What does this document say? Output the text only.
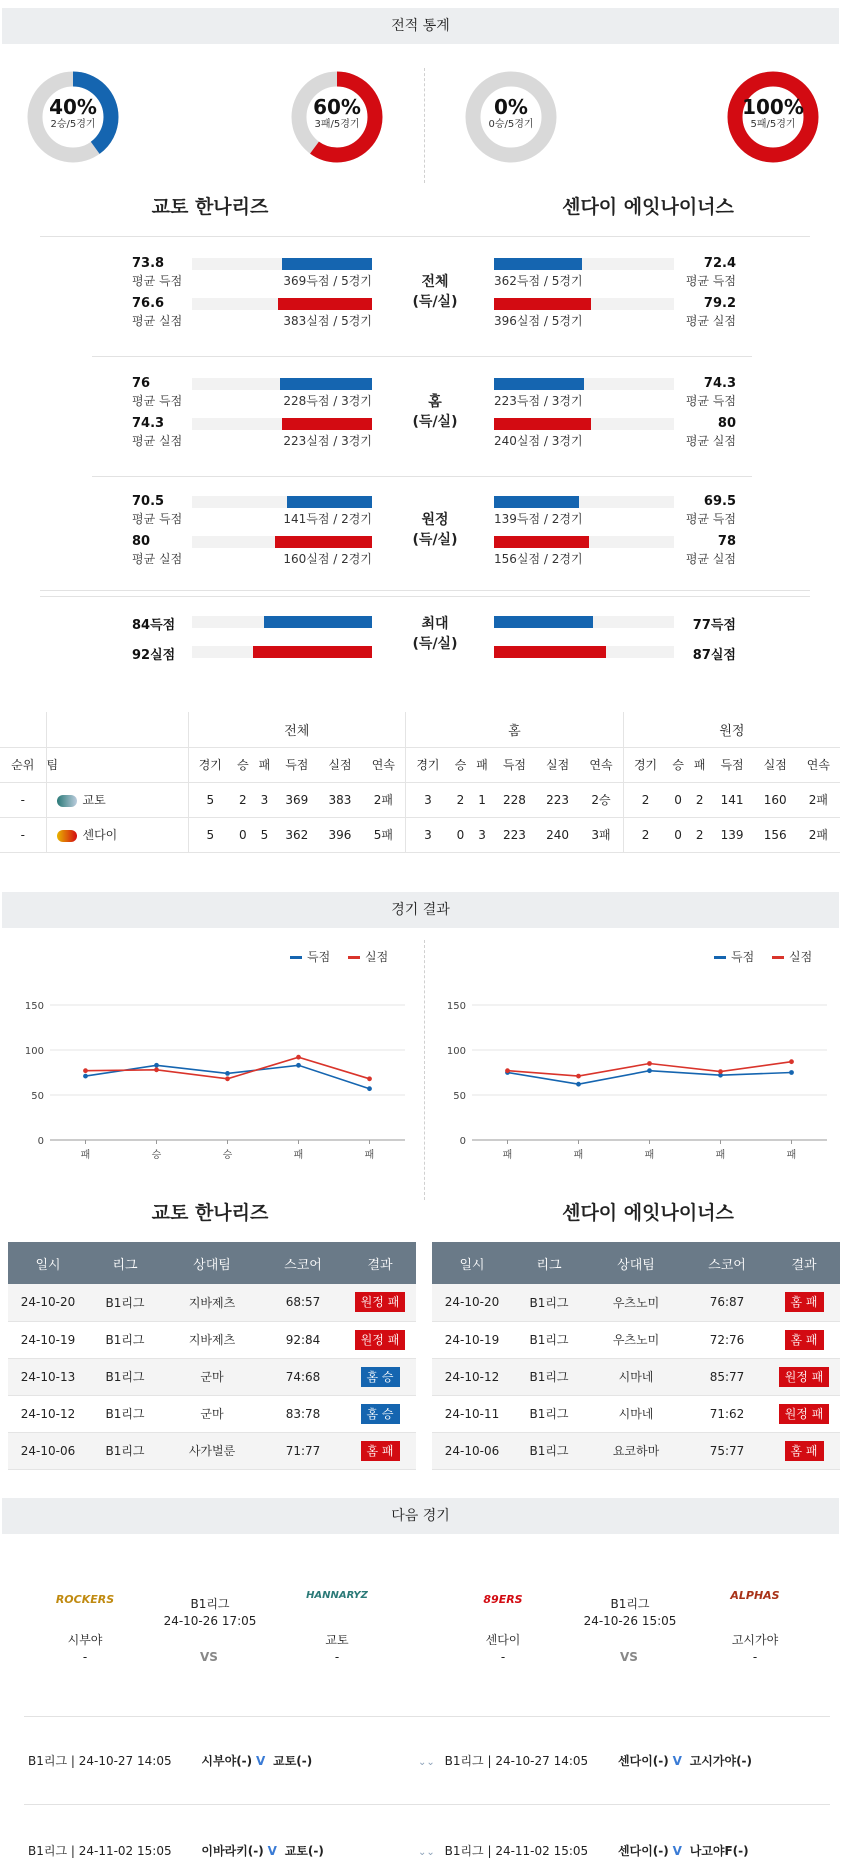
전적 통계
40%
2승/5경기
60%
3패/5경기
0%
0승/5경기
100%
5패/5경기
교토 한나리즈	센다이 에잇나이너스
73.8
평균 득점	369득점 / 5경기
76.6
평균 실점	383실점 / 5경기
72.4
평균 득점
362득점 / 5경기
79.2
평균 실점
396실점 / 5경기
전체
(득/실)
76
평균 득점	228득점 / 3경기
74.3
평균 실점	223실점 / 3경기
74.3
평균 득점
223득점 / 3경기
80
평균 실점
240실점 / 3경기
홈
(득/실)
70.5
평균 득점	141득점 / 2경기
80
평균 실점	160실점 / 2경기
69.5
평균 득점
139득점 / 2경기
78
평균 실점
156실점 / 2경기
원정
(득/실)
84득점
92실점
77득점
87실점
최대
(득/실)
		전체						홈						원정					
순위	팀	경기	승	패	득점	실점	연속	경기	승	패	득점	실점	연속	경기	승	패	득점	실점	연속
-	교토	5	2	3	369	383	2패	3	2	1	228	223	2승	2	0	2	141	160	2패
-	센다이	5	0	5	362	396	5패	3	0	3	223	240	3패	2	0	2	139	156	2패
경기 결과
득점	실점	득점	실점
0
50
100
150
패	승	승	패	패
0
50
100
150
패	패	패	패	패
교토 한나리즈	센다이 에잇나이너스
일시	리그	상대팀	스코어	결과
24-10-20	B1리그	지바제츠	68:57	원정 패
24-10-19	B1리그	지바제츠	92:84	원정 패
24-10-13	B1리그	군마	74:68	홈 승
24-10-12	B1리그	군마	83:78	홈 승
24-10-06	B1리그	사가벌룬	71:77	홈 패
일시	리그	상대팀	스코어	결과
24-10-20	B1리그	우츠노미	76:87	홈 패
24-10-19	B1리그	우츠노미	72:76	홈 패
24-10-12	B1리그	시마네	85:77	원정 패
24-10-11	B1리그	시마네	71:62	원정 패
24-10-06	B1리그	요코하마	75:77	홈 패
다음 경기
ROCKERS
시부야
-
B1리그
24-10-26 17:05
VS
HANNARYZ
교토
-
89ERS
센다이
-
B1리그
24-10-26 15:05
VS
ALPHAS
고시가야
-
B1리그 | 24-10-27 14:05 시부야(-) V 교토(-)	⌄⌄ B1리그 | 24-10-27 14:05 센다이(-) V 고시가야(-)
B1리그 | 24-11-02 15:05 이바라키(-) V 교토(-)	⌄⌄ B1리그 | 24-11-02 15:05 센다이(-) V 나고야F(-)
